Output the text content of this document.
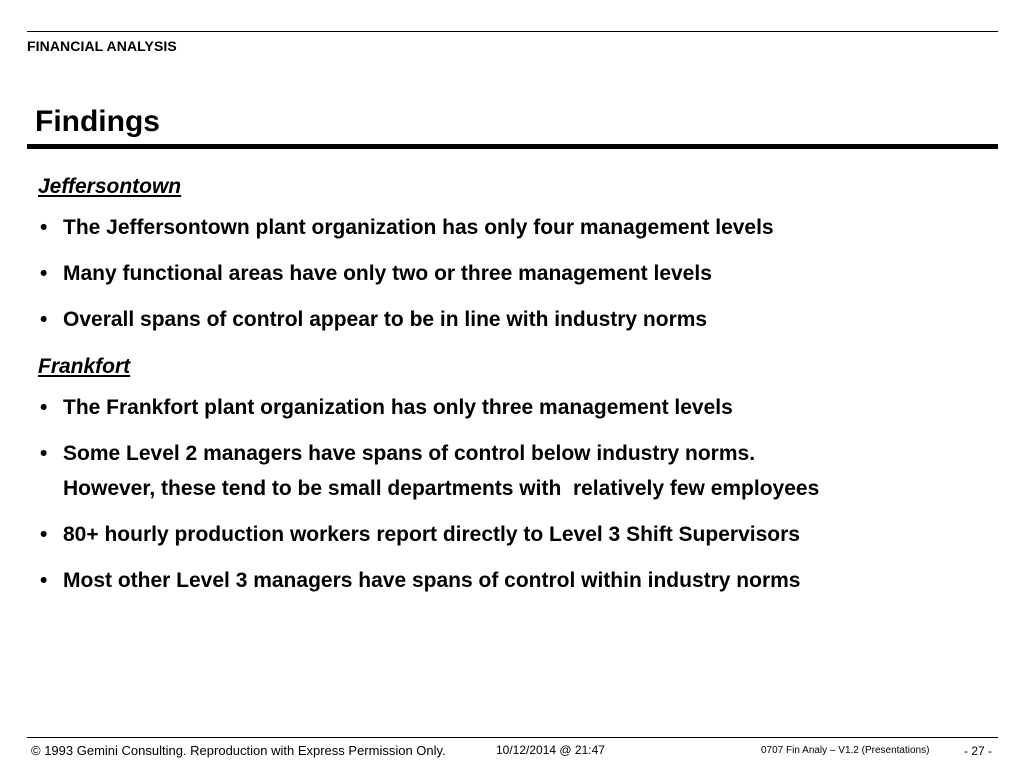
FINANCIAL ANALYSIS
Findings
Jeffersontown
• The Jeffersontown plant organization has only four management levels
• Many functional areas have only two or three management levels
• Overall spans of control appear to be in line with industry norms
Frankfort
• The Frankfort plant organization has only three management levels
• Some Level 2 managers have spans of control below industry norms.
However, these tend to be small departments with  relatively few employees
• 80+ hourly production workers report directly to Level 3 Shift Supervisors
• Most other Level 3 managers have spans of control within industry norms
© 1993 Gemini Consulting. Reproduction with Express Permission Only.	10/12/2014 @ 21:47	0707 Fin Analy – V1.2 (Presentations)	- 27 -
